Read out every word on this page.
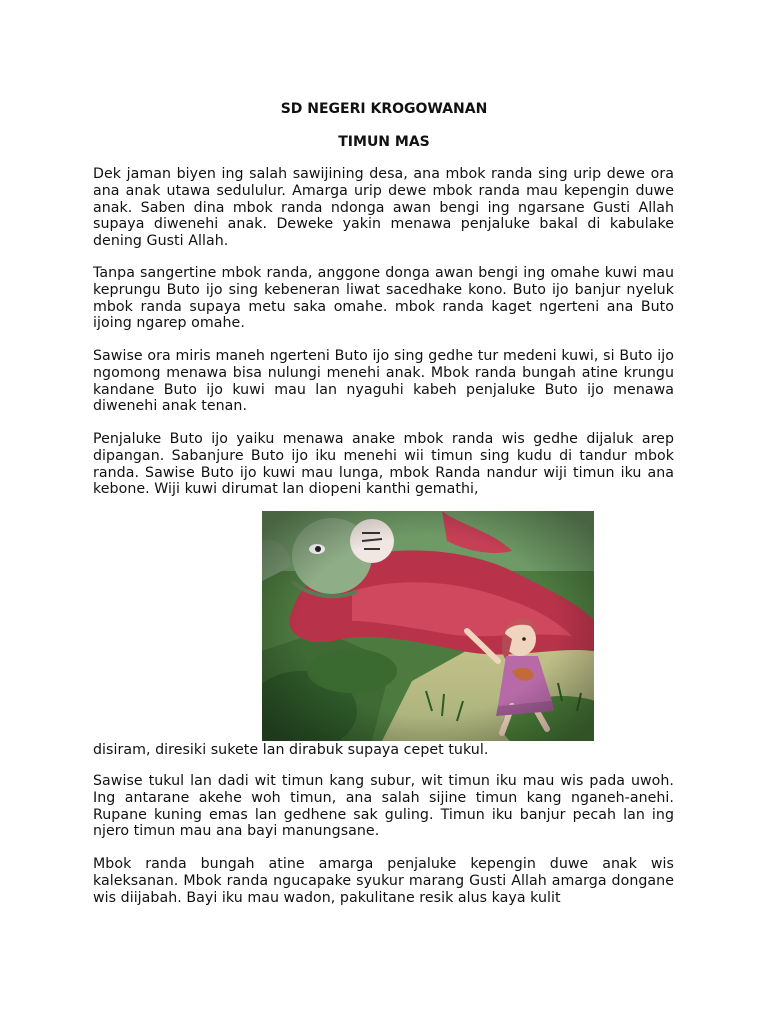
SD NEGERI KROGOWANAN
TIMUN MAS

Dek jaman biyen ing salah sawijining desa, ana mbok randa sing urip dewe ora ana anak utawa sedululur. Amarga urip dewe mbok randa mau kepengin duwe anak. Saben dina mbok randa ndonga awan bengi ing ngarsane Gusti Allah supaya diwenehi anak. Deweke yakin menawa penjaluke bakal di kabulake dening Gusti Allah.

Tanpa sangertine mbok randa, anggone donga awan bengi ing omahe kuwi mau keprungu Buto ijo sing kebeneran liwat sacedhake kono. Buto ijo banjur nyeluk mbok randa supaya metu saka omahe. mbok randa kaget ngerteni ana Buto ijoing ngarep omahe.

Sawise ora miris maneh ngerteni Buto ijo sing gedhe tur medeni kuwi, si Buto ijo ngomong menawa bisa nulungi menehi anak. Mbok randa bungah atine krungu kandane Buto ijo kuwi mau lan nyaguhi kabeh penjaluke Buto ijo menawa diwenehi anak tenan.

Penjaluke Buto ijo yaiku menawa anake mbok randa wis gedhe dijaluk arep dipangan. Sabanjure Buto ijo iku menehi wii timun sing kudu di tandur mbok randa. Sawise Buto ijo kuwi mau lunga, mbok Randa nandur wiji timun iku ana kebone. Wiji kuwi dirumat lan diopeni kanthi gemathi,

disiram, diresiki sukete lan dirabuk supaya cepet tukul.

Sawise tukul lan dadi wit timun kang subur, wit timun iku mau wis pada uwoh. Ing antarane akehe woh timun, ana salah sijine timun kang nganeh-anehi. Rupane kuning emas lan gedhene sak guling. Timun iku banjur pecah lan ing njero timun mau ana bayi manungsane.

Mbok randa bungah atine amarga penjaluke kepengin duwe anak wis kaleksanan. Mbok randa ngucapake syukur marang Gusti Allah amarga dongane wis diijabah. Bayi iku mau wadon, pakulitane resik alus kaya kulit
